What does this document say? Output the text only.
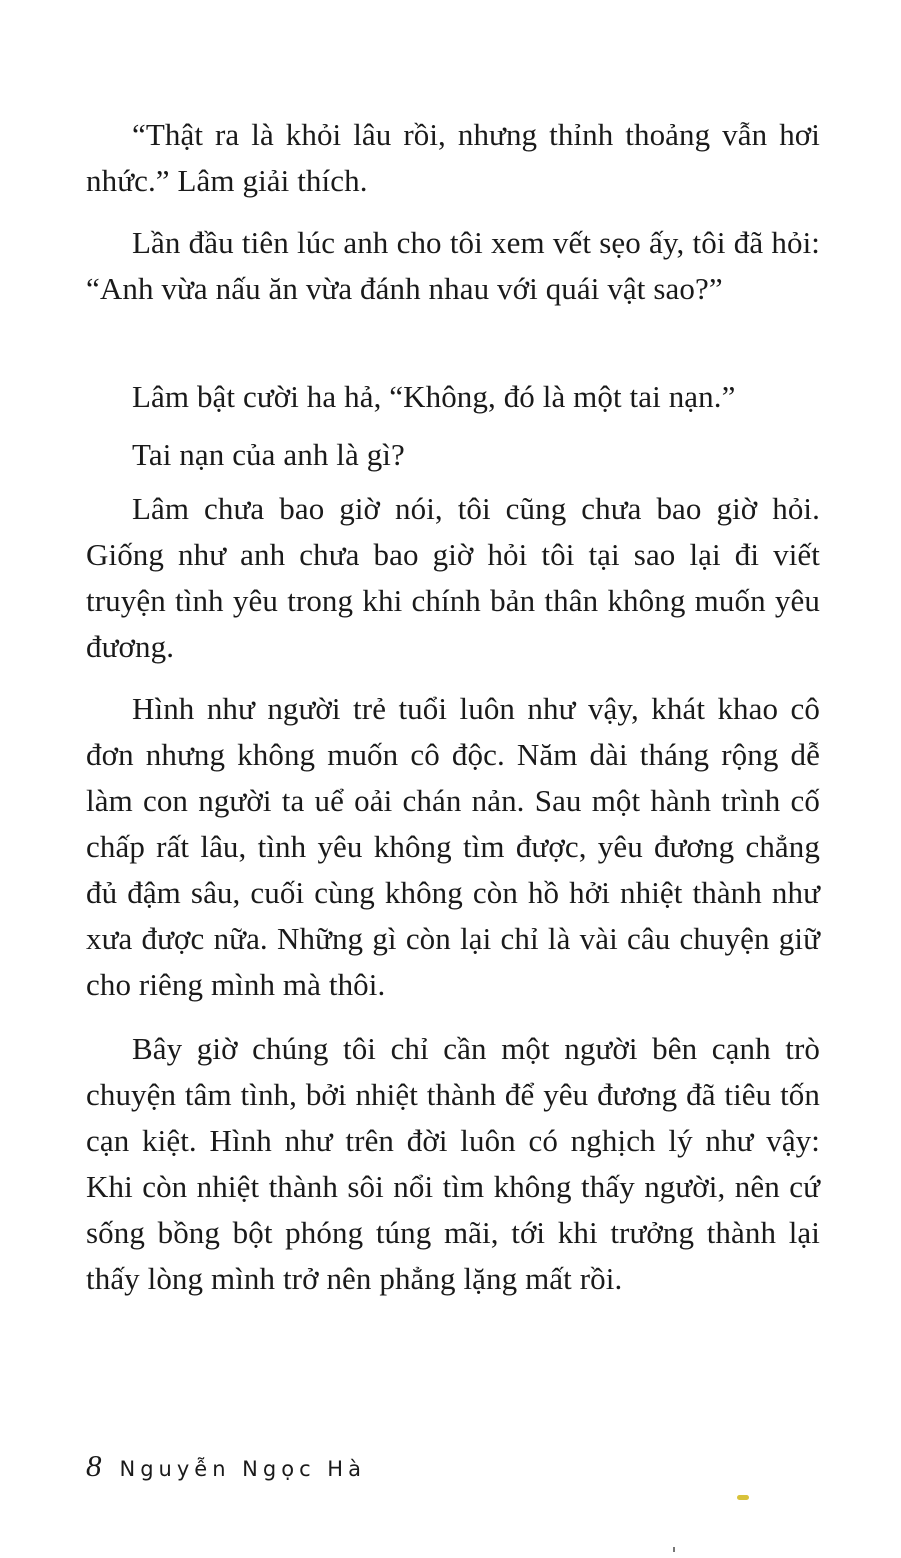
“Thật ra là khỏi lâu rồi, nhưng thỉnh thoảng vẫn hơi nhức.” Lâm giải thích.

Lần đầu tiên lúc anh cho tôi xem vết sẹo ấy, tôi đã hỏi: “Anh vừa nấu ăn vừa đánh nhau với quái vật sao?”

Lâm bật cười ha hả, “Không, đó là một tai nạn.”

Tai nạn của anh là gì?

Lâm chưa bao giờ nói, tôi cũng chưa bao giờ hỏi. Giống như anh chưa bao giờ hỏi tôi tại sao lại đi viết truyện tình yêu trong khi chính bản thân không muốn yêu đương.

Hình như người trẻ tuổi luôn như vậy, khát khao cô đơn nhưng không muốn cô độc. Năm dài tháng rộng dễ làm con người ta uể oải chán nản. Sau một hành trình cố chấp rất lâu, tình yêu không tìm được, yêu đương chẳng đủ đậm sâu, cuối cùng không còn hồ hởi nhiệt thành như xưa được nữa. Những gì còn lại chỉ là vài câu chuyện giữ cho riêng mình mà thôi.

Bây giờ chúng tôi chỉ cần một người bên cạnh trò chuyện tâm tình, bởi nhiệt thành để yêu đương đã tiêu tốn cạn kiệt. Hình như trên đời luôn có nghịch lý như vậy: Khi còn nhiệt thành sôi nổi tìm không thấy người, nên cứ sống bồng bột phóng túng mãi, tới khi trưởng thành lại thấy lòng mình trở nên phẳng lặng mất rồi.

8 Nguyễn Ngọc Hà
